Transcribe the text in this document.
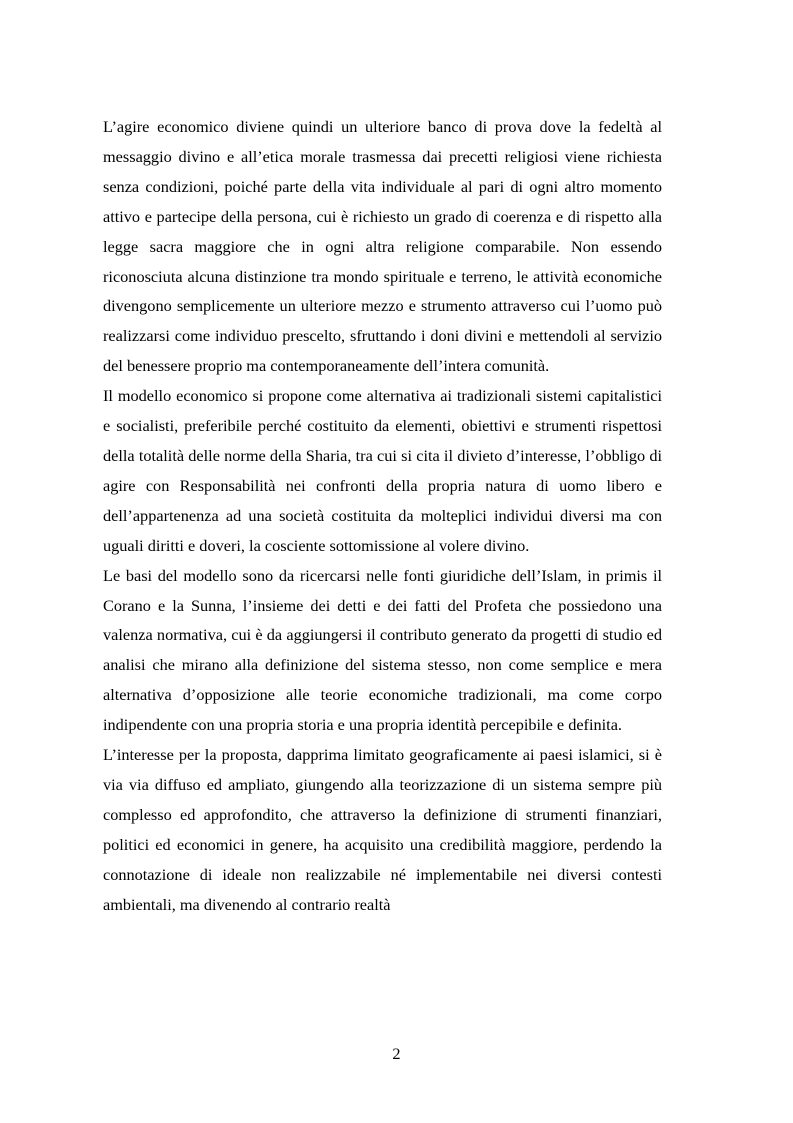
L’agire economico diviene quindi un ulteriore banco di prova dove la fedeltà al messaggio divino e all’etica morale trasmessa dai precetti religiosi viene richiesta senza condizioni, poiché parte della vita individuale al pari di ogni altro momento attivo e partecipe della persona, cui è richiesto un grado di coerenza e di rispetto alla legge sacra maggiore che in ogni altra religione comparabile. Non essendo riconosciuta alcuna distinzione tra mondo spirituale e terreno, le attività economiche divengono semplicemente un ulteriore mezzo e strumento attraverso cui l’uomo può realizzarsi come individuo prescelto, sfruttando i doni divini e mettendoli al servizio del benessere proprio ma contemporaneamente dell’intera comunità.

Il modello economico si propone come alternativa ai tradizionali sistemi capitalistici e socialisti, preferibile perché costituito da elementi, obiettivi e strumenti rispettosi della totalità delle norme della Sharia, tra cui si cita il divieto d’interesse, l’obbligo di agire con Responsabilità nei confronti della propria natura di uomo libero e dell’appartenenza ad una società costituita da molteplici individui diversi ma con uguali diritti e doveri, la cosciente sottomissione al volere divino.

Le basi del modello sono da ricercarsi nelle fonti giuridiche dell’Islam, in primis il Corano e la Sunna, l’insieme dei detti e dei fatti del Profeta che possiedono una valenza normativa, cui è da aggiungersi il contributo generato da progetti di studio ed analisi che mirano alla definizione del sistema stesso, non come semplice e mera alternativa d’opposizione alle teorie economiche tradizionali, ma come corpo indipendente con una propria storia e una propria identità percepibile e definita.

L’interesse per la proposta, dapprima limitato geograficamente ai paesi islamici, si è via via diffuso ed ampliato, giungendo alla teorizzazione di un sistema sempre più complesso ed approfondito, che attraverso la definizione di strumenti finanziari, politici ed economici in genere, ha acquisito una credibilità maggiore, perdendo la connotazione di ideale non realizzabile né implementabile nei diversi contesti ambientali, ma divenendo al contrario realtà

2
